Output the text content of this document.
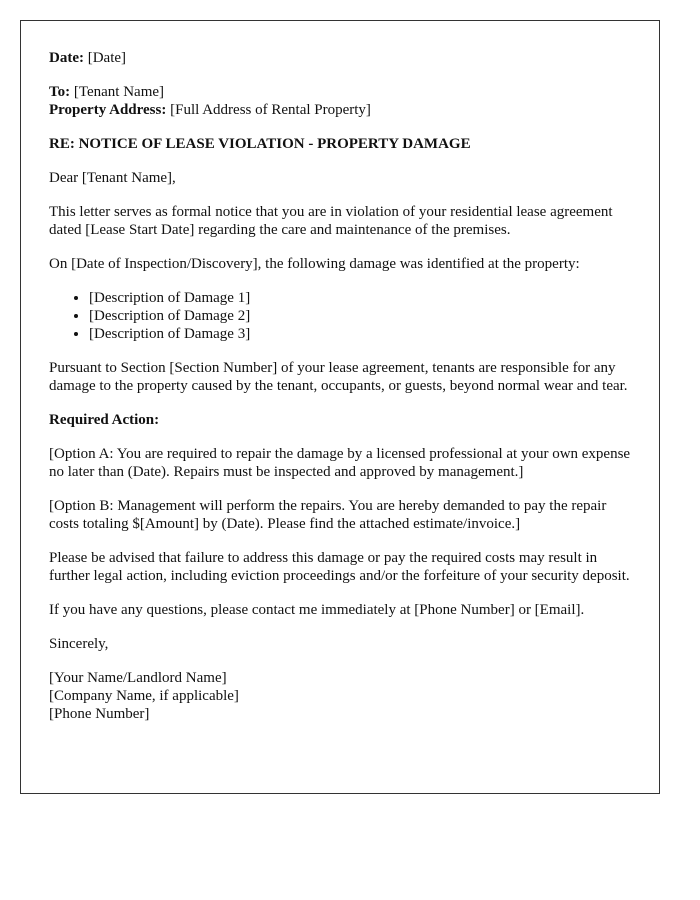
Date: [Date]

To: [Tenant Name]
Property Address: [Full Address of Rental Property]

RE: NOTICE OF LEASE VIOLATION - PROPERTY DAMAGE

Dear [Tenant Name],

This letter serves as formal notice that you are in violation of your residential lease agreement dated [Lease Start Date] regarding the care and maintenance of the premises.

On [Date of Inspection/Discovery], the following damage was identified at the property:

• [Description of Damage 1]
• [Description of Damage 2]
• [Description of Damage 3]

Pursuant to Section [Section Number] of your lease agreement, tenants are responsible for any damage to the property caused by the tenant, occupants, or guests, beyond normal wear and tear.

Required Action:

[Option A: You are required to repair the damage by a licensed professional at your own expense no later than (Date). Repairs must be inspected and approved by management.]

[Option B: Management will perform the repairs. You are hereby demanded to pay the repair costs totaling $[Amount] by (Date). Please find the attached estimate/invoice.]

Please be advised that failure to address this damage or pay the required costs may result in further legal action, including eviction proceedings and/or the forfeiture of your security deposit.

If you have any questions, please contact me immediately at [Phone Number] or [Email].

Sincerely,

[Your Name/Landlord Name]
[Company Name, if applicable]
[Phone Number]
